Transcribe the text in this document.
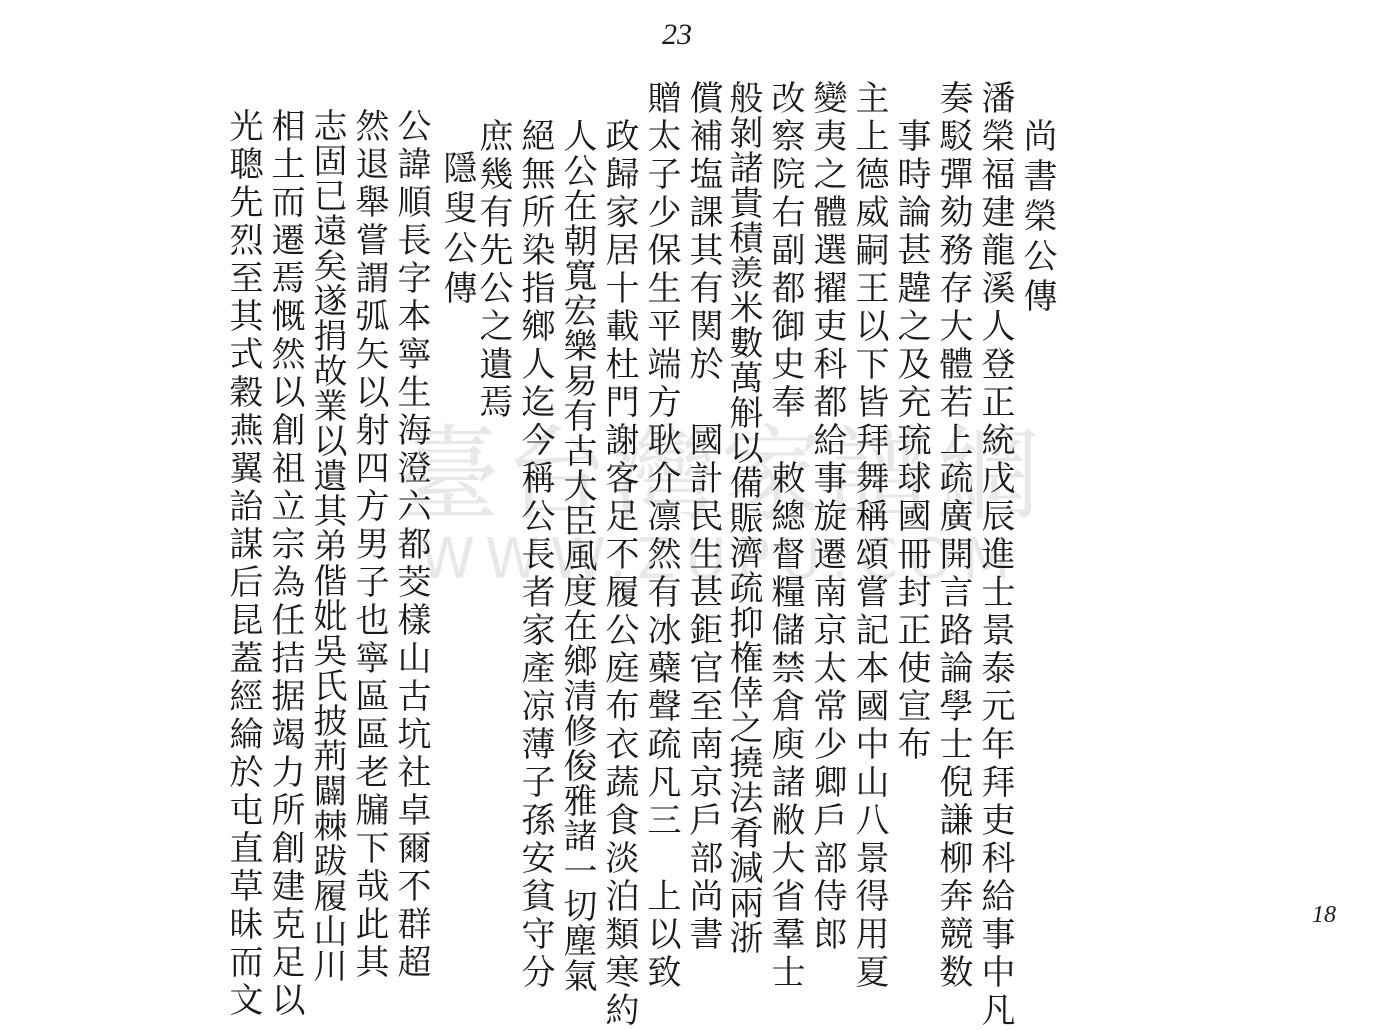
23
臺台灣家譜網
WWW.ZUPU.COM
尚書榮公傳
潘榮福建龍溪人登正統戊辰進士景泰元年拜吏科給事中凡
奏駁彈劾務存大體若上疏廣開言路論學士倪謙柳奔競数
事時論甚韙之及充琉球國冊封正使宣布
主上德威嗣王以下皆拜舞稱頌嘗記本國中山八景得用夏
變夷之體選擢吏科都給事旋遷南京太常少卿戶部侍郎
改察院右副都御史奉　敕總督糧儲禁倉庾諸敝大省羣士
般剝諸貴積羨米數萬斛以備賑濟疏抑権倖之撓法肴減兩浙
償補塩課其有関於　國計民生甚鉅官至南京戶部尚書
贈太子少保生平端方耿介凛然有冰蘗聲疏凡三　上以致
政歸家居十載杜門謝客足不履公庭布衣蔬食淡泊類寒約
人公在朝寬宏樂易有古大臣風度在鄉清修俊雅諸一切塵氣
絕無所染指鄉人迄今稱公長者家產凉薄子孫安貧守分
庶幾有先公之遺焉
隱叟公傳
公諱順長字本寧生海澄六都茭樣山古坑社卓爾不群超
然退舉嘗謂弧矢以射四方男子也寧區區老牖下哉此其
志固已遠矣遂捐故業以遺其弟偕妣吳氏披荊闢棘跋履山川
相土而遷焉慨然以創祖立宗為任拮据竭力所創建克足以
光聰先烈至其式穀燕翼詒謀后昆蓋經綸於屯直草昧而文	18
